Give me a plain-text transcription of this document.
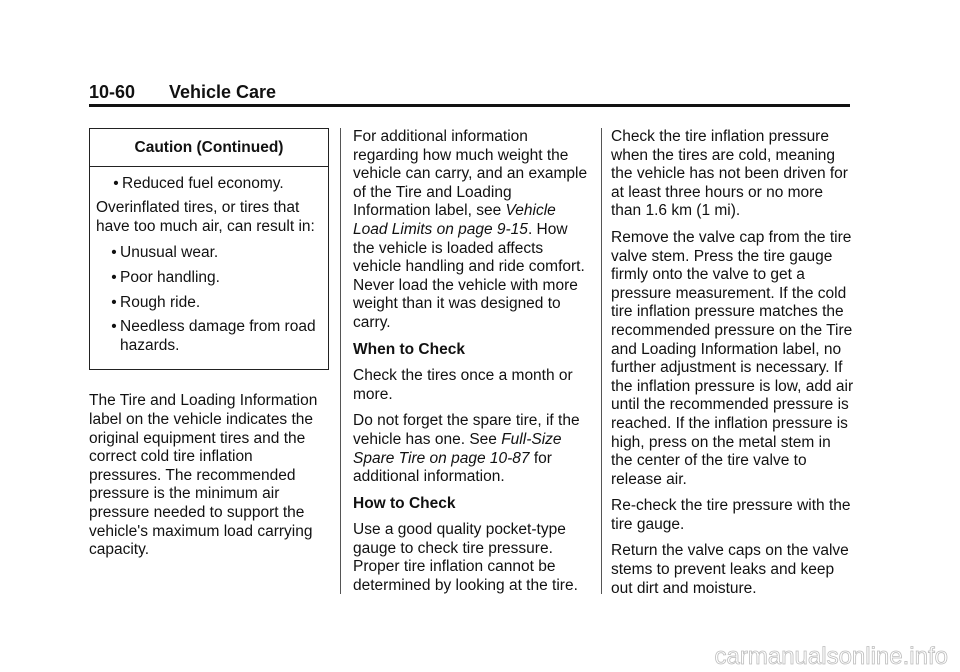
10-60 Vehicle Care
Caution (Continued)
• Reduced fuel economy.

Overinflated tires, or tires that have too much air, can result in:

• Unusual wear.
• Poor handling.
• Rough ride.
• Needless damage from road hazards.

The Tire and Loading Information label on the vehicle indicates the original equipment tires and the correct cold tire inflation pressures. The recommended pressure is the minimum air pressure needed to support the vehicle's maximum load carrying capacity.

For additional information regarding how much weight the vehicle can carry, and an example of the Tire and Loading Information label, see Vehicle Load Limits on page 9-15. How the vehicle is loaded affects vehicle handling and ride comfort. Never load the vehicle with more weight than it was designed to carry.

When to Check

Check the tires once a month or more.

Do not forget the spare tire, if the vehicle has one. See Full-Size Spare Tire on page 10-87 for additional information.

How to Check

Use a good quality pocket-type gauge to check tire pressure. Proper tire inflation cannot be determined by looking at the tire.

Check the tire inflation pressure when the tires are cold, meaning the vehicle has not been driven for at least three hours or no more than 1.6 km (1 mi).

Remove the valve cap from the tire valve stem. Press the tire gauge firmly onto the valve to get a pressure measurement. If the cold tire inflation pressure matches the recommended pressure on the Tire and Loading Information label, no further adjustment is necessary. If the inflation pressure is low, add air until the recommended pressure is reached. If the inflation pressure is high, press on the metal stem in the center of the tire valve to release air.

Re-check the tire pressure with the tire gauge.

Return the valve caps on the valve stems to prevent leaks and keep out dirt and moisture.

carmanualsonline.info
